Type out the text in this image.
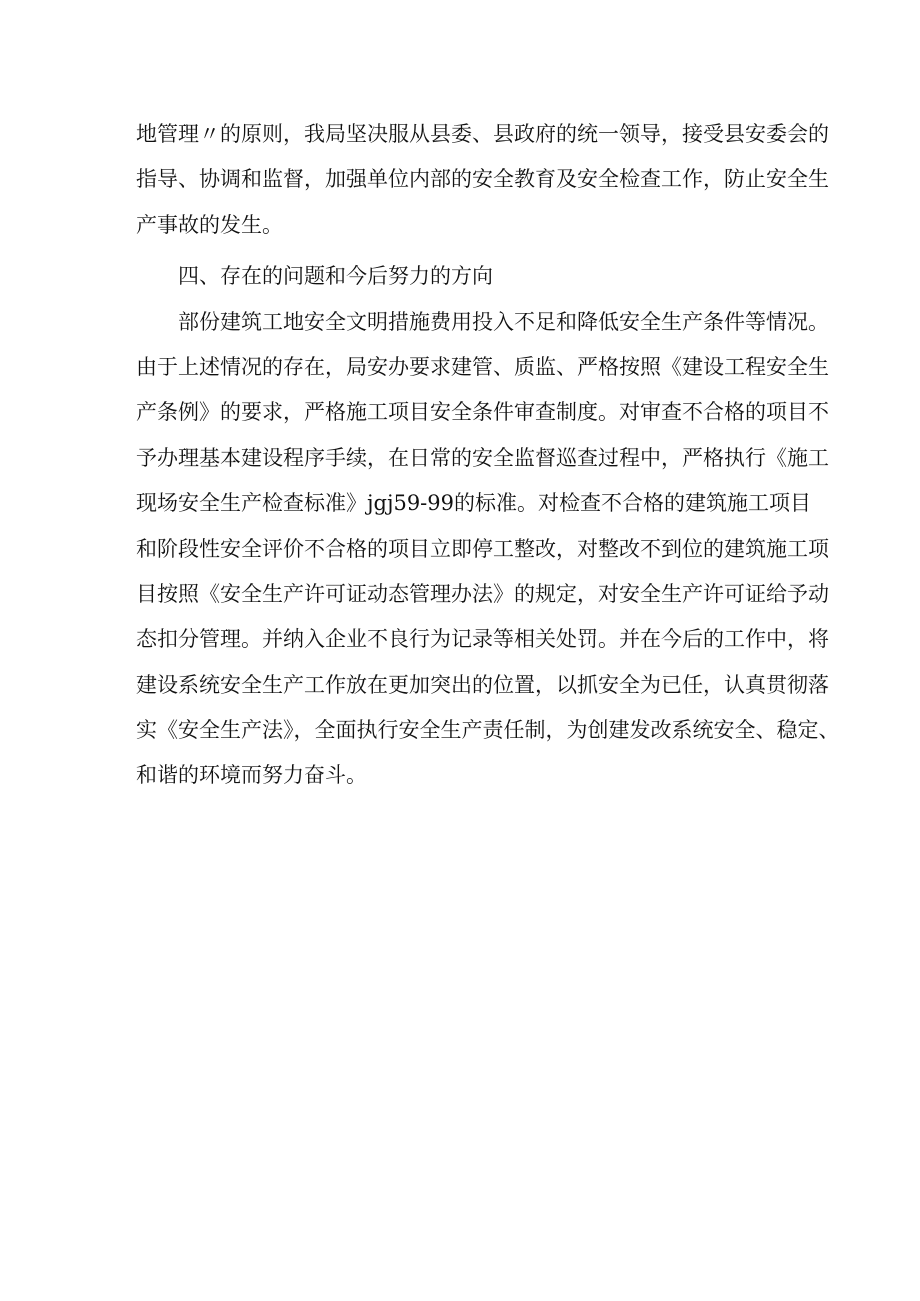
地管理〃的原则，我局坚决服从县委、县政府的统一领导，接受县安委会的
指导、协调和监督，加强单位内部的安全教育及安全检查工作，防止安全生
产事故的发生。
四、存在的问题和今后努力的方向
部份建筑工地安全文明措施费用投入不足和降低安全生产条件等情况。
由于上述情况的存在，局安办要求建管、质监、严格按照《建设工程安全生
产条例》的要求，严格施工项目安全条件审查制度。对审查不合格的项目不
予办理基本建设程序手续，在日常的安全监督巡查过程中，严格执行《施工
现场安全生产检查标准》jgj59-99的标准。对检查不合格的建筑施工项目
和阶段性安全评价不合格的项目立即停工整改，对整改不到位的建筑施工项
目按照《安全生产许可证动态管理办法》的规定，对安全生产许可证给予动
态扣分管理。并纳入企业不良行为记录等相关处罚。并在今后的工作中，将
建设系统安全生产工作放在更加突出的位置，以抓安全为已任，认真贯彻落
实《安全生产法》，全面执行安全生产责任制，为创建发改系统安全、稳定、
和谐的环境而努力奋斗。
